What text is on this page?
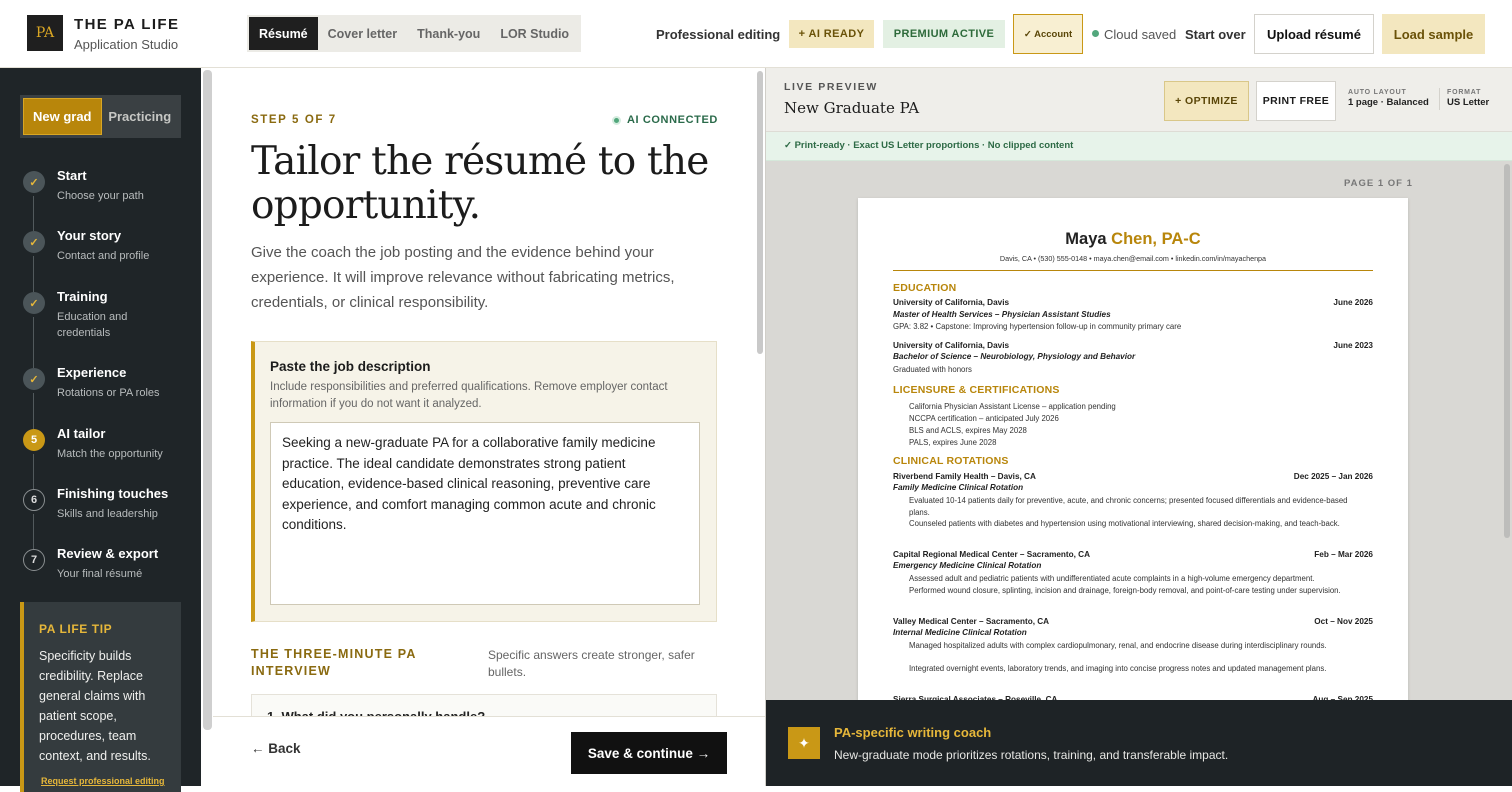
PA	THE PA LIFE
Application Studio
Résumé	Cover letter	Thank-you	LOR Studio	Professional editing	+ AI READY	PREMIUM ACTIVE	✓ Account	Cloud saved Start over	Upload résumé	Load sample
New grad	Practicing
✓	Start
Choose your path
✓	Your story
Contact and profile
✓	Training
Education and credentials
✓	Experience
Rotations or PA roles
5	AI tailor
Match the opportunity
6	Finishing touches
Skills and leadership
7	Review & export
Your final résumé
PA LIFE TIP
Specificity builds credibility. Replace general claims with patient scope, procedures, team context, and results.
Request professional editing
STEP 5 OF 7	AI CONNECTED
Tailor the résumé to the opportunity.
Give the coach the job posting and the evidence behind your experience. It will improve relevance without fabricating metrics, credentials, or clinical responsibility.
Paste the job description
Include responsibilities and preferred qualifications. Remove employer contact information if you do not want it analyzed.
Seeking a new-graduate PA for a collaborative family medicine practice. The ideal candidate demonstrates strong patient education, evidence-based clinical reasoning, preventive care experience, and comfort managing common acute and chronic conditions.
THE THREE-MINUTE PA INTERVIEW
Specific answers create stronger, safer bullets.
← Back	Save & continue →
LIVE PREVIEW
New Graduate PA	+ OPTIMIZE	PRINT FREE
AUTO LAYOUT
1 page · Balanced
FORMAT
US Letter
✓ Print-ready · Exact US Letter proportions · No clipped content
PAGE 1 OF 1
Maya Chen, PA-C
Davis, CA • (530) 555-0148 • maya.chen@email.com • linkedin.com/in/mayachenpa
EDUCATION
University of California, Davis	June 2026
Master of Health Services – Physician Assistant Studies
GPA: 3.82 • Capstone: Improving hypertension follow-up in community primary care
University of California, Davis	June 2023
Bachelor of Science – Neurobiology, Physiology and Behavior
Graduated with honors
LICENSURE & CERTIFICATIONS
California Physician Assistant License – application pending
NCCPA certification – anticipated July 2026
BLS and ACLS, expires May 2028
PALS, expires June 2028
CLINICAL ROTATIONS
Riverbend Family Health – Davis, CA	Dec 2025 – Jan 2026
Family Medicine Clinical Rotation
Evaluated 10-14 patients daily for preventive, acute, and chronic concerns; presented focused differentials and evidence-based plans.
Counseled patients with diabetes and hypertension using motivational interviewing, shared decision-making, and teach-back.
Capital Regional Medical Center – Sacramento, CA	Feb – Mar 2026
Emergency Medicine Clinical Rotation
Assessed adult and pediatric patients with undifferentiated acute complaints in a high-volume emergency department.
Performed wound closure, splinting, incision and drainage, foreign-body removal, and point-of-care testing under supervision.
Valley Medical Center – Sacramento, CA	Oct – Nov 2025
Internal Medicine Clinical Rotation
Managed hospitalized adults with complex cardiopulmonary, renal, and endocrine disease during interdisciplinary rounds.
Integrated overnight events, laboratory trends, and imaging into concise progress notes and updated management plans.
✦
PA-specific writing coach
New-graduate mode prioritizes rotations, training, and transferable impact.
